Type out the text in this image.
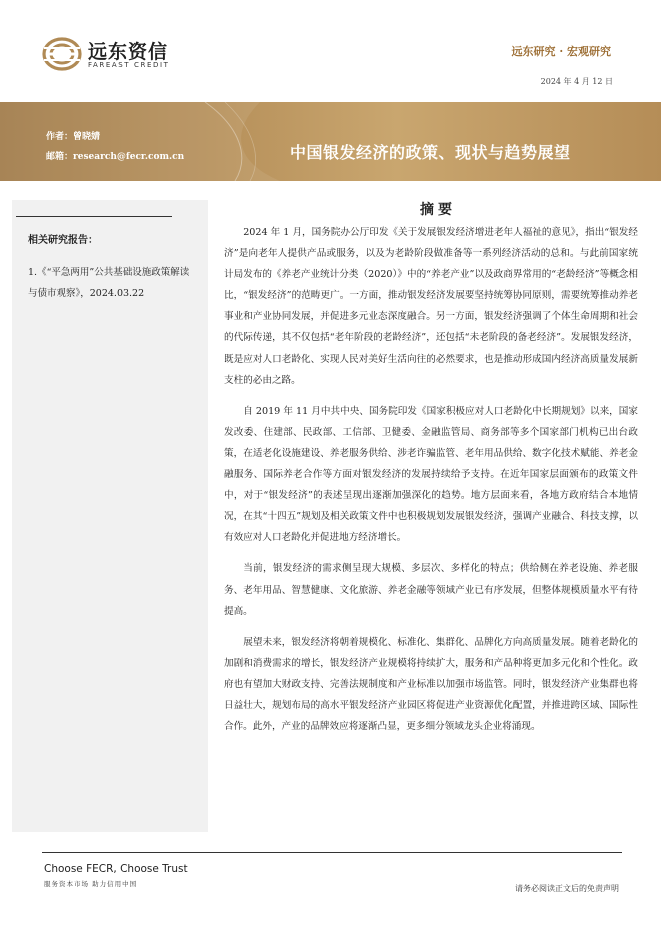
远东资信
FAREAST CREDIT
远东研究 · 宏观研究
2024 年 4 月 12 日
作者：曾晓婧
邮箱：research@fecr.com.cn	中国银发经济的政策、现状与趋势展望
相关研究报告：
1.《“平急两用”公共基础设施政策解读与债市观察》，2024.03.22
摘要

2024 年 1 月，国务院办公厅印发《关于发展银发经济增进老年人福祉的意见》，指出“银发经济”是向老年人提供产品或服务，以及为老龄阶段做准备等一系列经济活动的总和。与此前国家统计局发布的《养老产业统计分类（2020）》中的“养老产业”以及政商界常用的“老龄经济”等概念相比，“银发经济”的范畴更广。一方面，推动银发经济发展要坚持统筹协同原则，需要统筹推动养老事业和产业协同发展，并促进多元业态深度融合。另一方面，银发经济强调了个体生命周期和社会的代际传递，其不仅包括“老年阶段的老龄经济”，还包括“未老阶段的备老经济”。发展银发经济，既是应对人口老龄化、实现人民对美好生活向往的必然要求，也是推动形成国内经济高质量发展新支柱的必由之路。

自 2019 年 11 月中共中央、国务院印发《国家积极应对人口老龄化中长期规划》以来，国家发改委、住建部、民政部、工信部、卫健委、金融监管局、商务部等多个国家部门机构已出台政策，在适老化设施建设、养老服务供给、涉老诈骗监管、老年用品供给、数字化技术赋能、养老金融服务、国际养老合作等方面对银发经济的发展持续给予支持。在近年国家层面颁布的政策文件中，对于“银发经济”的表述呈现出逐渐加强深化的趋势。地方层面来看，各地方政府结合本地情况，在其“十四五”规划及相关政策文件中也积极规划发展银发经济，强调产业融合、科技支撑，以有效应对人口老龄化并促进地方经济增长。

当前，银发经济的需求侧呈现大规模、多层次、多样化的特点；供给侧在养老设施、养老服务、老年用品、智慧健康、文化旅游、养老金融等领域产业已有序发展，但整体规模质量水平有待提高。

展望未来，银发经济将朝着规模化、标准化、集群化、品牌化方向高质量发展。随着老龄化的加剧和消费需求的增长，银发经济产业规模将持续扩大，服务和产品种将更加多元化和个性化。政府也有望加大财政支持、完善法规制度和产业标准以加强市场监管。同时，银发经济产业集群也将日益壮大，规划布局的高水平银发经济产业园区将促进产业资源优化配置，并推进跨区域、国际性合作。此外，产业的品牌效应将逐渐凸显，更多细分领域龙头企业将涌现。

Choose FECR, Choose Trust
服务资本市场 助力信用中国	请务必阅读正文后的免责声明
